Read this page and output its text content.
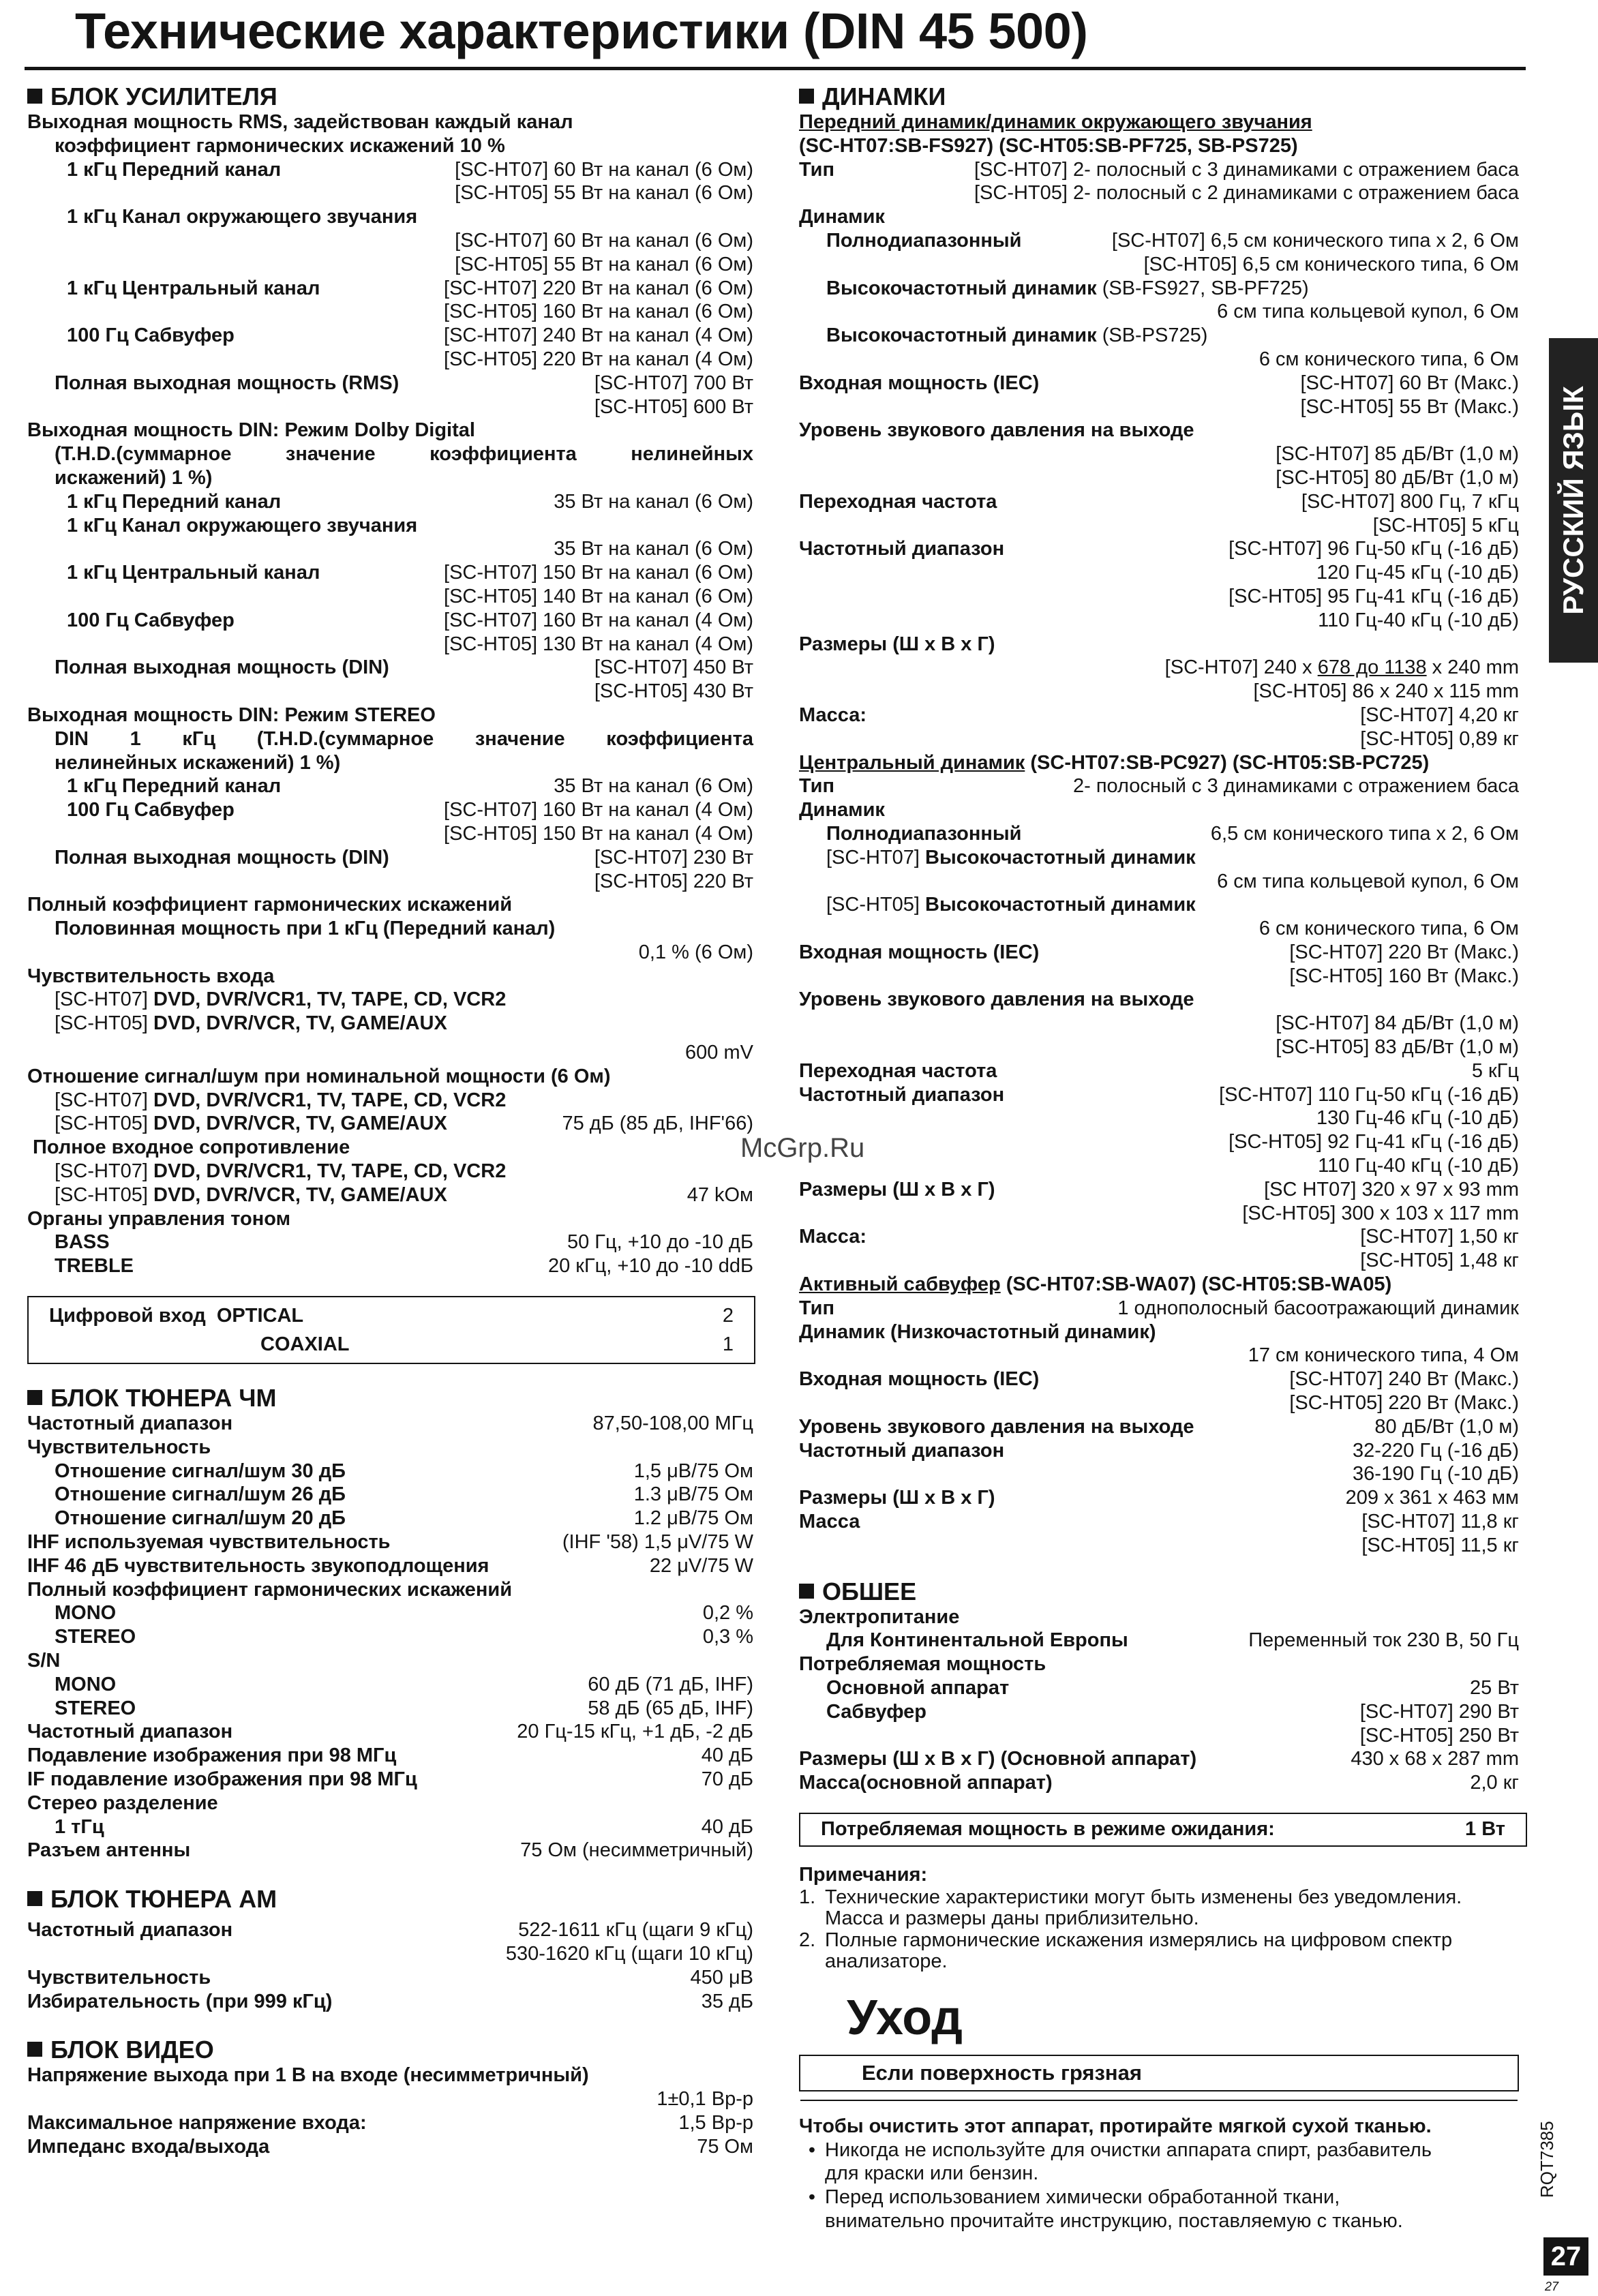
Технические характеристики (DIN 45 500)
БЛОК УСИЛИТЕЛЯ
Выходная мощность RMS, задействован каждый канал
коэффициент гармонических искажений 10 %
1 кГц Передний канал	[SC-HT07] 60 Вт на канал (6 Ом)
[SC-HT05] 55 Вт на канал (6 Ом)
1 кГц Канал окружающего звучания
[SC-HT07] 60 Вт на канал (6 Ом)
[SC-HT05] 55 Вт на канал (6 Ом)
1 кГц Центральный канал	[SC-HT07] 220 Вт на канал (6 Ом)
[SC-HT05] 160 Вт на канал (6 Ом)
100 Гц Сабвуфер	[SC-HT07] 240 Вт на канал (4 Ом)
[SC-HT05] 220 Вт на канал (4 Ом)
Полная выходная мощность (RMS)	[SC-HT07] 700 Вт
[SC-HT05] 600 Вт
Выходная мощность DIN: Режим Dolby Digital
(T.H.D.(суммарное значение коэффициента нелинейных
искажений) 1 %)
1 кГц Передний канал	35 Вт на канал (6 Ом)
1 кГц Канал окружающего звучания
35 Вт на канал (6 Ом)
1 кГц Центральный канал	[SC-HT07] 150 Вт на канал (6 Ом)
[SC-HT05] 140 Вт на канал (6 Ом)
100 Гц Сабвуфер	[SC-HT07] 160 Вт на канал (4 Ом)
[SC-HT05] 130 Вт на канал (4 Ом)
Полная выходная мощность (DIN)	[SC-HT07] 450 Вт
[SC-HT05] 430 Вт
Выходная мощность DIN: Режим STEREO
DIN 1 кГц (T.H.D.(суммарное значение коэффициента
нелинейных искажений) 1 %)
1 кГц Передний канал	35 Вт на канал (6 Ом)
100 Гц Сабвуфер	[SC-HT07] 160 Вт на канал (4 Ом)
[SC-HT05] 150 Вт на канал (4 Ом)
Полная выходная мощность (DIN)	[SC-HT07] 230 Вт
[SC-HT05] 220 Вт
Полный коэффициент гармонических искажений
Половинная мощность при 1 кГц (Передний канал)
0,1 % (6 Ом)
Чувствительность входа
[SC-HT07]
DVD, DVR/VCR1, TV, TAPE, CD, VCR2
[SC-HT05]
DVD, DVR/VCR, TV, GAME/AUX
600 mV
Отношение сигнал/шум при номинальной мощности (6 Ом)
[SC-HT07]
DVD, DVR/VCR1, TV, TAPE, CD, VCR2
[SC-HT05]
DVD, DVR/VCR, TV, GAME/AUX	75 дБ (85 дБ, IHF'66)
Полное входное сопротивление
[SC-HT07]
DVD, DVR/VCR1, TV, TAPE, CD, VCR2
[SC-HT05]
DVD, DVR/VCR, TV, GAME/AUX	47 kOм
Органы управления тоном
BASS	50 Гц, +10 до -10 дБ
TREBLE	20 кГц, +10 до -10 ddБ
Цифровой вход OPTICAL	2
COAXIAL	1
БЛОК ТЮНЕРА ЧМ
Частотный диапазон	87,50-108,00 МГц
Чувствительность
Отношение сигнал/шум 30 дБ	1,5 μВ/75 Ом
Отношение сигнал/шум 26 дБ	1.3 μВ/75 Ом
Отношение сигнал/шум 20 дБ	1.2 μВ/75 Ом
IHF используемая чувствительность	(IHF '58) 1,5 μV/75 W
IHF 46 дБ чувствительность звукоподлощения	22 μV/75 W
Полный коэффициент гармонических искажений
MONO	0,2 %
STEREO	0,3 %
S/N
MONO	60 дБ (71 дБ, IHF)
STEREO	58 дБ (65 дБ, IHF)
Частотный диапазон	20 Гц-15 кГц, +1 дБ, -2 дБ
Подавление изображения при 98 МГц	40 дБ
IF подавление изображения при 98 МГц	70 дБ
Стерео разделение
1 тГц	40 дБ
Разъем антенны	75 Ом (несимметричный)
БЛОК ТЮНЕРА АМ
Частотный диапазон	522-1611 кГц (щаги 9 кГц)
530-1620 кГц (щаги 10 кГц)
Чувствительность	450 μВ
Избирательность (при 999 кГц)	35 дБ
БЛОК ВИДЕО
Напряжение выхода при 1 В на входе (несимметричный)
1±0,1 Вр-р
Максимальное напряжение входа:	1,5 Вр-р
Импеданс входа/выхода	75 Ом
ДИНАМКИ
Передний динамик/динамик окружающего звучания
(SC-HT07:SB-FS927) (SC-HT05:SB-PF725, SB-PS725)
Тип	[SC-HT07] 2- полосный с 3 динамиками с отражением баса
[SC-HT05] 2- полосный с 2 динамиками с отражением баса
Динамик
Полнодиапазонный	[SC-HT07] 6,5 см конического типа x 2, 6 Ом
[SC-HT05] 6,5 см конического типа, 6 Ом
Высокочастотный динамик
(SB-FS927, SB-PF725)
6 см типа кольцевой купол, 6 Ом
Высокочастотный динамик
(SB-PS725)
6 см конического типа, 6 Ом
Входная мощность (IEC)	[SC-HT07] 60 Вт (Макс.)
[SC-HT05] 55 Вт (Макс.)
Уровень звукового давления на выходе
[SC-HT07] 85 дБ/Вт (1,0 м)
[SC-HT05] 80 дБ/Вт (1,0 м)
Переходная частота	[SC-HT07] 800 Гц, 7 кГц
[SC-HT05] 5 кГц
Частотный диапазон	[SC-HT07] 96 Гц-50 кГц (-16 дБ)
120 Гц-45 кГц (-10 дБ)
[SC-HT05] 95 Гц-41 кГц (-16 дБ)
110 Гц-40 кГц (-10 дБ)
Размеры (Ш x В x Г)
[SC-HT07] 240 x 678 до 1138 x 240 mm
[SC-HT05] 86 x 240 x 115 mm
Масса:	[SC-HT07] 4,20 кг
[SC-HT05] 0,89 кг
Центральный динамик
(SC-HT07:SB-PC927) (SC-HT05:SB-PC725)
Тип	2- полосный с 3 динамиками с отражением баса
Динамик
Полнодиапазонный	6,5 см конического типа x 2, 6 Ом
[SC-HT07]
Высокочастотный динамик
6 см типа кольцевой купол, 6 Ом
[SC-HT05]
Высокочастотный динамик
6 см конического типа, 6 Ом
Входная мощность (IEC)	[SC-HT07] 220 Вт (Макс.)
[SC-HT05] 160 Вт (Макс.)
Уровень звукового давления на выходе
[SC-HT07] 84 дБ/Вт (1,0 м)
[SC-HT05] 83 дБ/Вт (1,0 м)
Переходная частота	5 кГц
Частотный диапазон	[SC-HT07] 110 Гц-50 кГц (-16 дБ)
130 Гц-46 кГц (-10 дБ)
[SC-HT05] 92 Гц-41 кГц (-16 дБ)
110 Гц-40 кГц (-10 дБ)
Размеры (Ш x В x Г)	[SC HT07] 320 x 97 x 93 mm
[SC-HT05] 300 x 103 x 117 mm
Масса:	[SC-HT07] 1,50 кг
[SC-HT05] 1,48 кг
Активный сабвуфер
(SC-HT07:SB-WA07) (SC-HT05:SB-WA05)
Тип	1 однополосный басоотражающий динамик
Динамик (Низкочастотный динамик)
17 см конического типа, 4 Ом
Входная мощность (IEC)	[SC-HT07] 240 Вт (Макс.)
[SC-HT05] 220 Вт (Макс.)
Уровень звукового давления на выходе	80 дБ/Вт (1,0 м)
Частотный диапазон	32-220 Гц (-16 дБ)
36-190 Гц (-10 дБ)
Размеры (Ш x В x Г)	209 x 361 x 463 мм
Масса	[SC-HT07] 11,8 кг
[SC-HT05] 11,5 кг
ОБШЕЕ
Электропитание
Для Континентальной Европы	Переменный ток 230 В, 50 Гц
Потребляемая мощность
Основной аппарат	25 Вт
Сабвуфер	[SC-HT07] 290 Вт
[SC-HT05] 250 Вт
Размеры (Ш x В x Г) (Основной аппарат)	430 x 68 x 287 mm
Масса(основной аппарат)	2,0 кг
Потребляемая мощность в режиме ожидания:	1 Вт
Примечания:
1. Технические характеристики могут быть изменены без уведомления.
Масса и размеры даны приблизительно.
2. Полные гармонические искажения измерялись на цифровом спектр
анализаторе.
Уход
Если поверхность грязная
Чтобы очистить этот аппарат, протирайте мягкой сухой тканью.
• Никогда не используйте для очистки аппарата спирт, разбавитель
для краски или бензин.
• Перед использованием химически обработанной ткани,
внимательно прочитайте инструкцию, поставляемую с тканью.
РУССКИЙ ЯЗЫК
McGrp.Ru
RQT7385
27
27
